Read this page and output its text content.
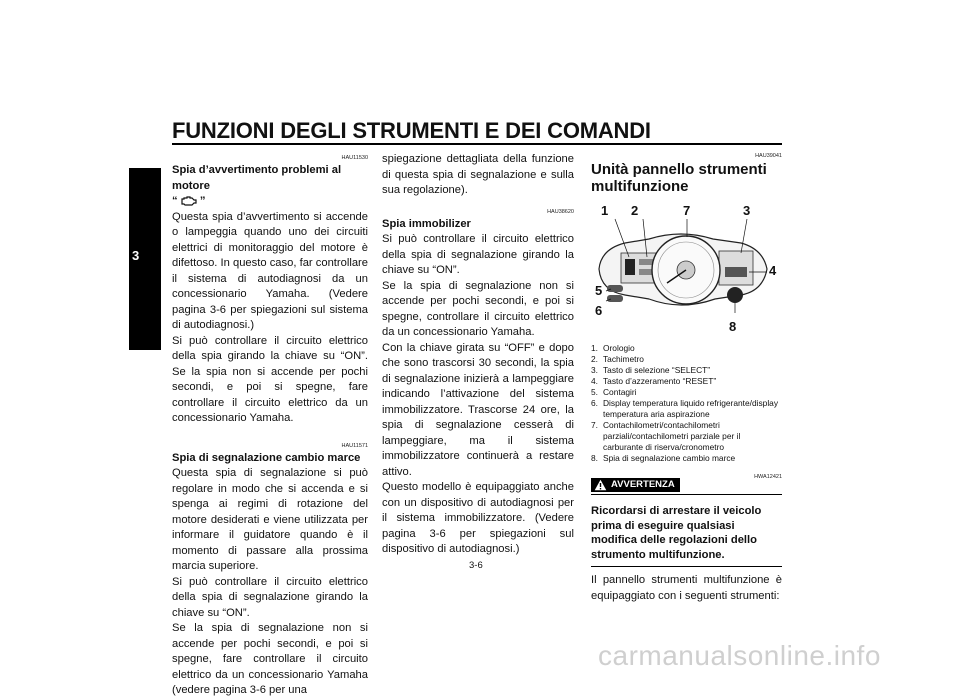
FUNZIONI DEGLI STRUMENTI E DEI COMANDI
3
HAU11530
Spia d’avvertimento problemi al motore
“ ”

Questa spia d’avvertimento si accende o lampeggia quando uno dei circuiti elettrici di monitoraggio del motore è difettoso. In questo caso, far controllare il sistema di autodiagnosi da un concessionario Yamaha. (Vedere pagina 3-6 per spiegazioni sul sistema di autodiagnosi.)

Si può controllare il circuito elettrico della spia girando la chiave su “ON”. Se la spia non si accende per pochi secondi, e poi si spegne, fare controllare il circuito elettrico da un concessionario Yamaha.

HAU11571
Spia di segnalazione cambio marce

Questa spia di segnalazione si può regolare in modo che si accenda e si spenga ai regimi di rotazione del motore desiderati e viene utilizzata per informare il guidatore quando è il momento di passare alla prossima marcia superiore.

Si può controllare il circuito elettrico della spia di segnalazione girando la chiave su “ON”.

Se la spia di segnalazione non si accende per pochi secondi, e poi si spegne, fare controllare il circuito elettrico da un concessionario Yamaha (vedere pagina 3-6 per una

spiegazione dettagliata della funzione di questa spia di segnalazione e sulla sua regolazione).

HAU38620
Spia immobilizer

Si può controllare il circuito elettrico della spia di segnalazione girando la chiave su “ON”.

Se la spia di segnalazione non si accende per pochi secondi, e poi si spegne, controllare il circuito elettrico da un concessionario Yamaha.

Con la chiave girata su “OFF” e dopo che sono trascorsi 30 secondi, la spia di segnalazione inizierà a lampeggiare indicando l’attivazione del sistema immobilizzatore. Trascorse 24 ore, la spia di segnalazione cesserà di lampeggiare, ma il sistema immobilizzatore continuerà a restare attivo.

Questo modello è equipaggiato anche con un dispositivo di autodiagnosi per il sistema immobilizzatore. (Vedere pagina 3-6 per spiegazioni sul dispositivo di autodiagnosi.)

HAU39041
Unità pannello strumenti multifunzione
1 2	7	3
4
5
6
8
1. Orologio
2. Tachimetro
3. Tasto di selezione “SELECT”
4. Tasto d’azzeramento “RESET”
5. Contagiri
6. Display temperatura liquido refrigerante/display temperatura aria aspirazione
7. Contachilometri/contachilometri parziali/contachilometri parziale per il carburante di riserva/cronometro
8. Spia di segnalazione cambio marce
AVVERTENZA
HWA12421
Ricordarsi di arrestare il veicolo prima di eseguire qualsiasi modifica delle regolazioni dello strumento multifunzione.

Il pannello strumenti multifunzione è equipaggiato con i seguenti strumenti:

3-6
carmanualsonline.info
